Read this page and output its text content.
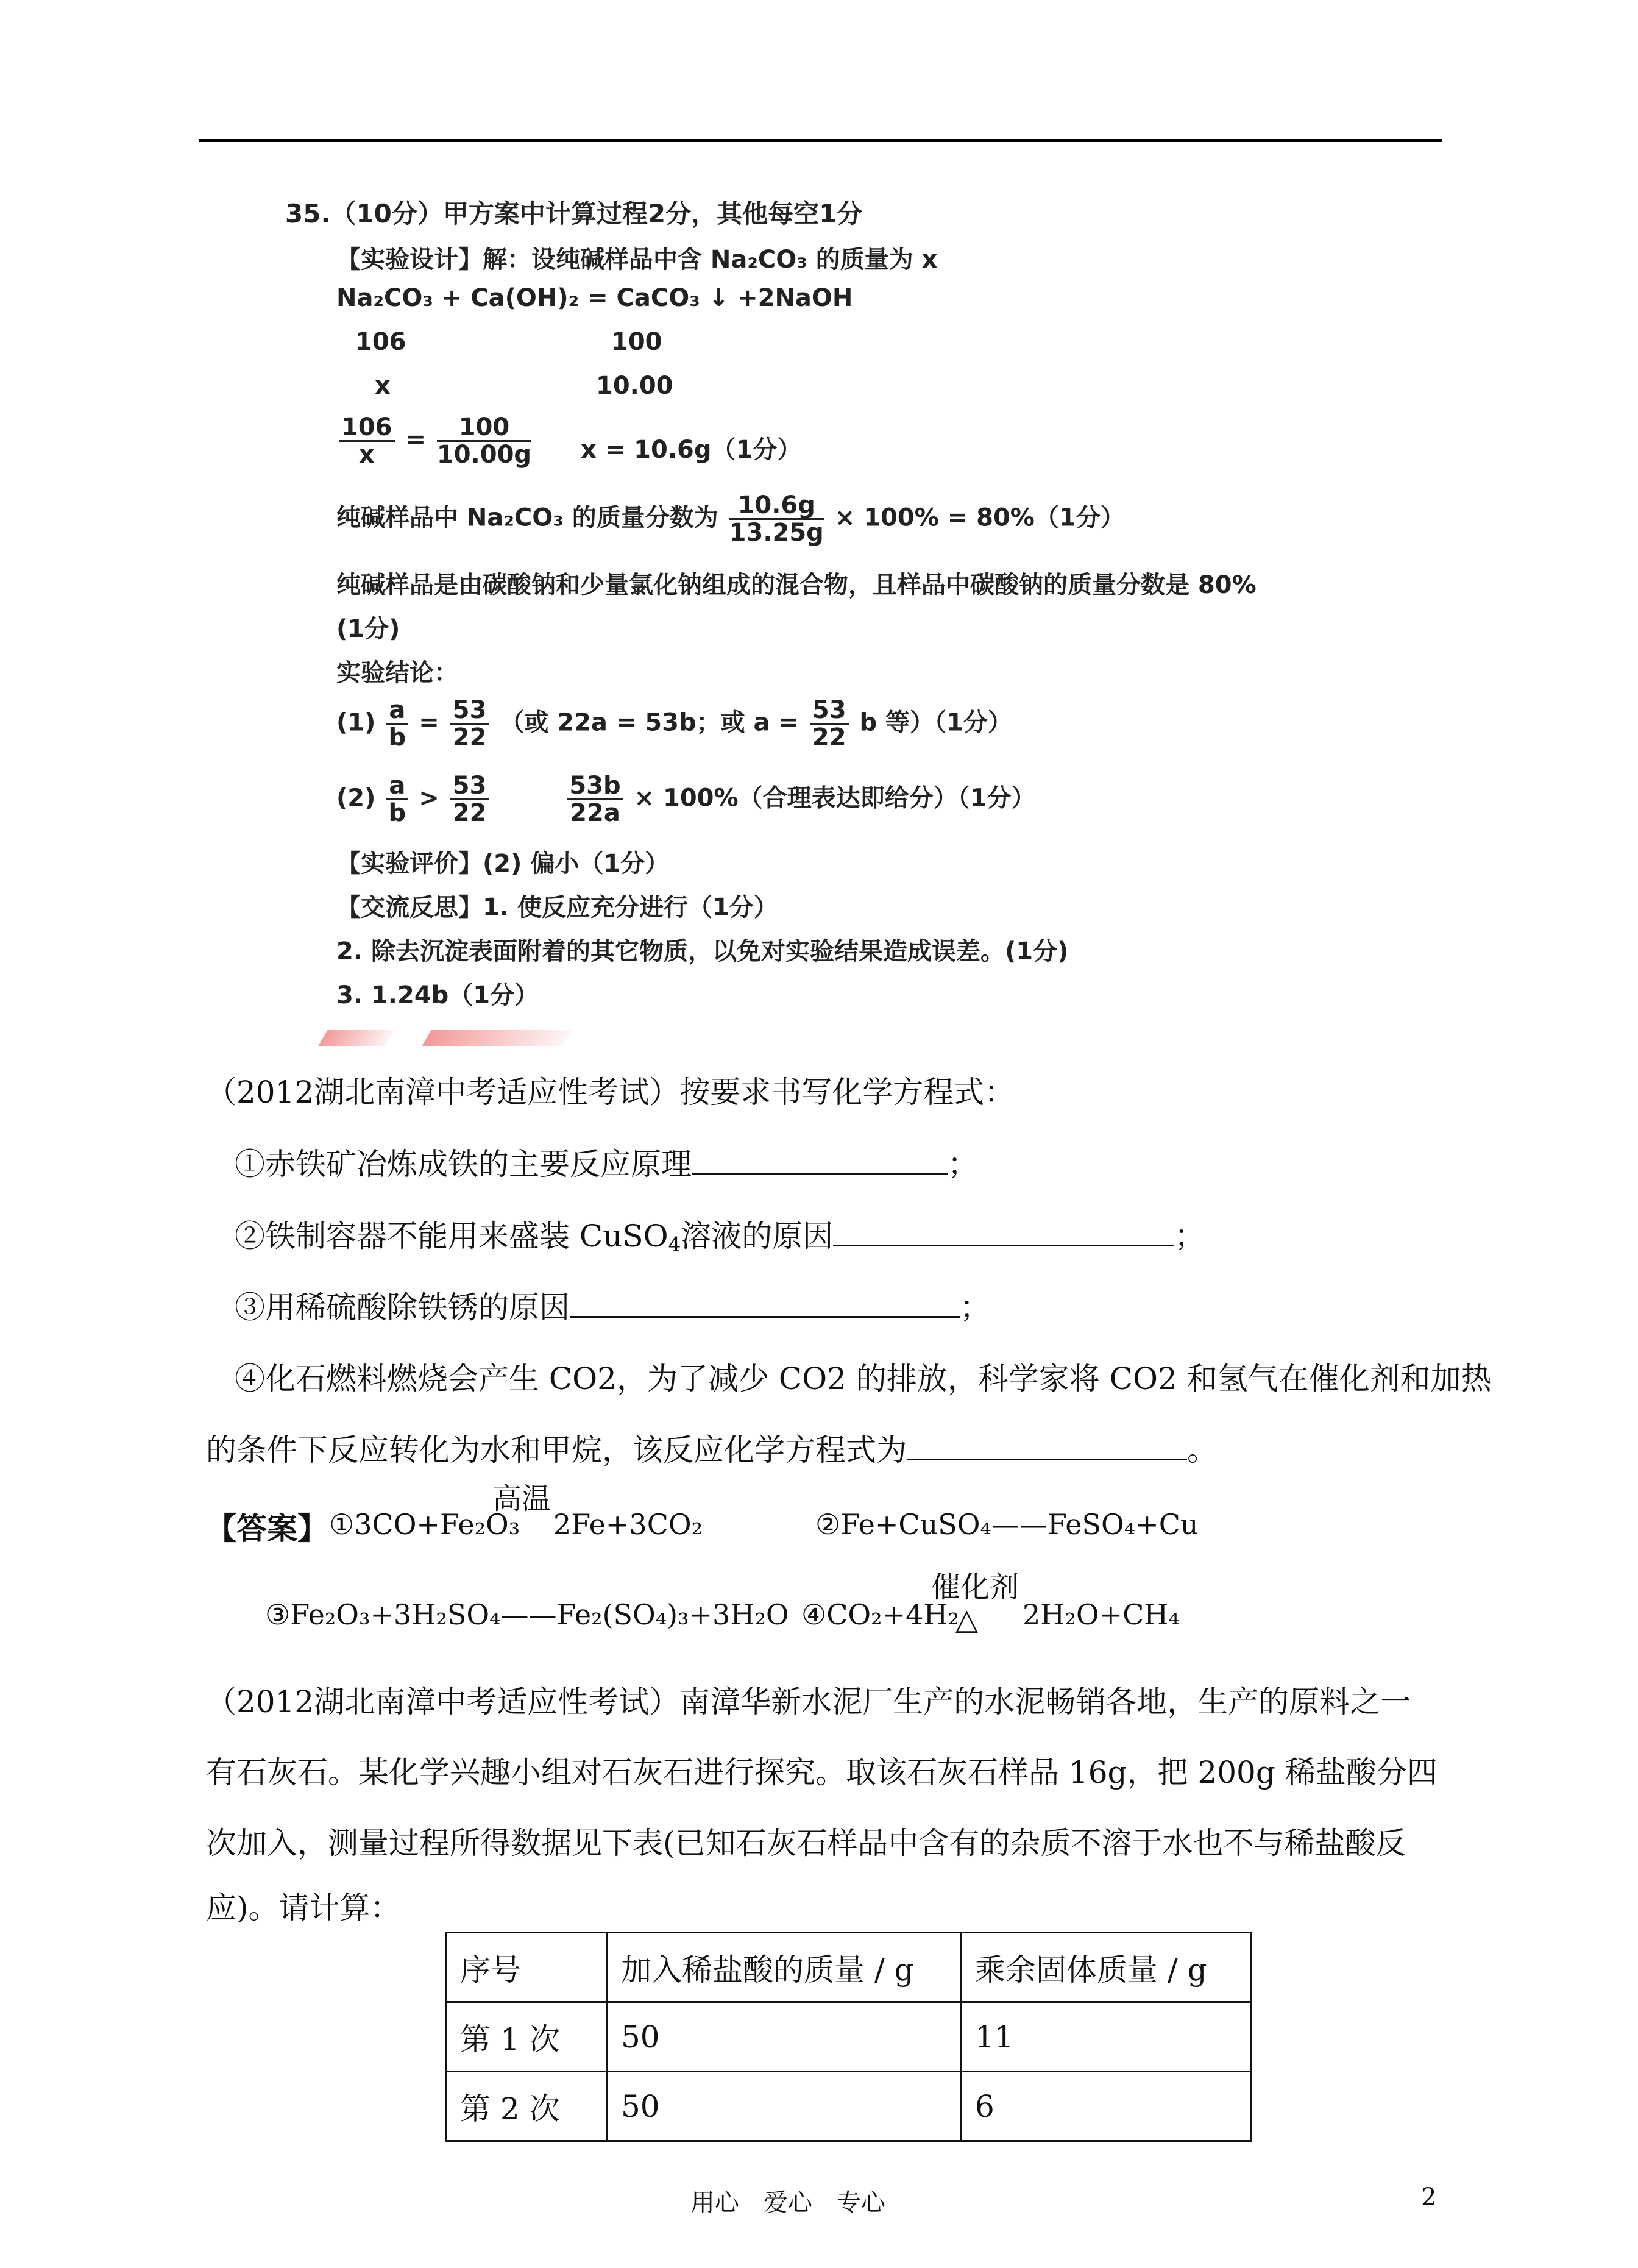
35.（10分）甲方案中计算过程2分，其他每空1分
【实验设计】解：设纯碱样品中含 Na₂CO₃ 的质量为 x
Na₂CO₃ + Ca(OH)₂ = CaCO₃ ↓ +2NaOH
106	100
x	10.00
$\frac{106}{x} = \frac{100}{10.00g}$ x = 10.6g（1分）
纯碱样品中 Na₂CO₃ 的质量分数为 $\frac{10.6g}{13.25g} \times 100\% = 80\%(1$分）
纯碱样品是由碳酸钠和少量氯化钠组成的混合物，且样品中碳酸钠的质量分数是 80%
(1分)
实验结论：
$(1) \frac{a}{b} = \frac{53}{22}$ （或 22a = 53b；或 $a = \frac{53}{22}$ b 等）（1分）
$(2) \frac{a}{b} > \frac{53}{22}$
	$\frac{53b}{22a} \times 100\%$（合理表达即给分）（1分）
【实验评价】(2) 偏小（1分）
【交流反思】1. 使反应充分进行（1分）
2. 除去沉淀表面附着的其它物质，以免对实验结果造成误差。(1分)
3. 1.24b（1分）
（2012湖北南漳中考适应性考试）按要求书写化学方程式：
①赤铁矿冶炼成铁的主要反应原理	；
②铁制容器不能用来盛装 CuSO$_4$溶液的原因	；
③用稀硫酸除铁锈的原因	；
④化石燃料燃烧会产生 CO2，为了减少 CO2 的排放，科学家将 CO2 和氢气在催化剂和加热
的条件下反应转化为水和甲烷，该反应化学方程式为	。
【答案】 ①3CO+Fe₂O₃
高温
2Fe+3CO₂	②Fe+CuSO₄——FeSO₄+Cu
③Fe₂O₃+3H₂SO₄——Fe₂(SO₄)₃+3H₂O ④CO₂+4H₂
催化剂
△ 2H₂O+CH₄
（2012湖北南漳中考适应性考试）南漳华新水泥厂生产的水泥畅销各地，生产的原料之一
有石灰石。某化学兴趣小组对石灰石进行探究。取该石灰石样品 16g，把 200g 稀盐酸分四
次加入，测量过程所得数据见下表(已知石灰石样品中含有的杂质不溶于水也不与稀盐酸反
应)。请计算：
序号	加入稀盐酸的质量 / g	乘余固体质量 / g
第 1 次	50	11
第 2 次	50	6
用心　爱心　专心	2
